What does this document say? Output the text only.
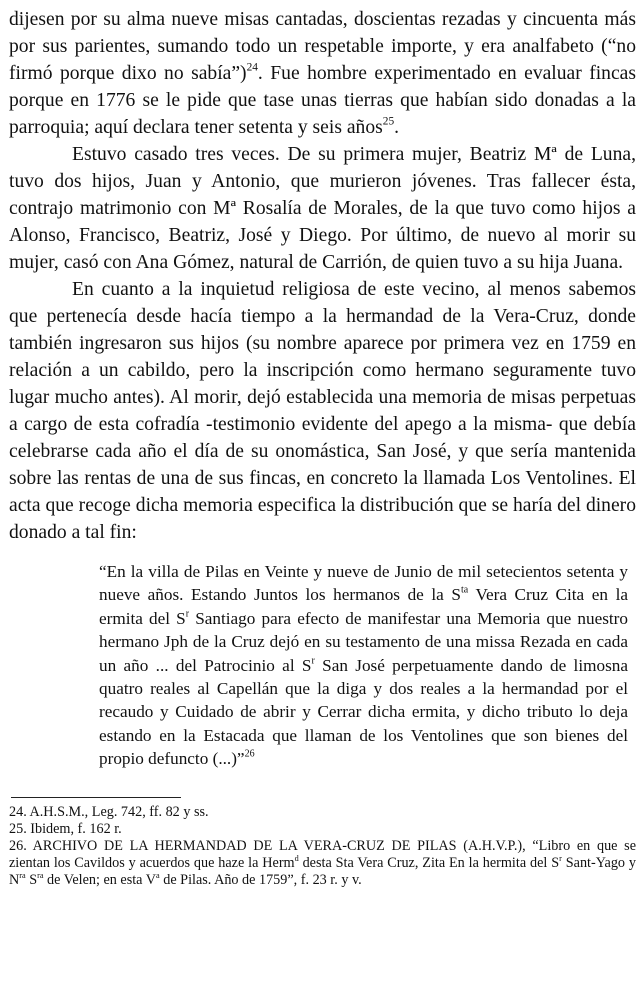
dijesen por su alma nueve misas cantadas, doscientas rezadas y cincuenta más por sus parientes, sumando todo un respetable importe, y era analfabeto (“no firmó porque dixo no sabía”)$^{24}$. Fue hombre experimentado en evaluar fincas porque en 1776 se le pide que tase unas tierras que habían sido donadas a la parroquia; aquí declara tener setenta y seis años$^{25}$.

Estuvo casado tres veces. De su primera mujer, Beatriz Mª de Luna, tuvo dos hijos, Juan y Antonio, que murieron jóvenes. Tras fallecer ésta, contrajo matrimonio con Mª Rosalía de Morales, de la que tuvo como hijos a Alonso, Francisco, Beatriz, José y Diego. Por último, de nuevo al morir su mujer, casó con Ana Gómez, natural de Carrión, de quien tuvo a su hija Juana.

En cuanto a la inquietud religiosa de este vecino, al menos sabemos que pertenecía desde hacía tiempo a la hermandad de la Vera-Cruz, donde también ingresaron sus hijos (su nombre aparece por primera vez en 1759 en relación a un cabildo, pero la inscripción como hermano seguramente tuvo lugar mucho antes). Al morir, dejó establecida una memoria de misas perpetuas a cargo de esta cofradía -testimonio evidente del apego a la misma- que debía celebrarse cada año el día de su onomástica, San José, y que sería mantenida sobre las rentas de una de sus fincas, en concreto la llamada Los Ventolines. El acta que recoge dicha memoria especifica la distribución que se haría del dinero donado a tal fin:

“En la villa de Pilas en Veinte y nueve de Junio de mil setecientos setenta y nueve años. Estando Juntos los hermanos de la $S^{ta}$ Vera Cruz Cita en la ermita del $S^r$ Santiago para efecto de manifestar una Memoria que nuestro hermano Jph de la Cruz dejó en su testamento de una missa Rezada en cada un año ... del Patrocinio al $S^r$ San José perpetuamente dando de limosna quatro reales al Capellán que la diga y dos reales a la hermandad por el recaudo y Cuidado de abrir y Cerrar dicha ermita, y dicho tributo lo deja estando en la Estacada que llaman de los Ventolines que son bienes del propio defuncto (...)”$^{26}$

24. A.H.S.M., Leg. 742, ff. 82 y ss.

25. Ibidem, f. 162 r.

26. ARCHIVO DE LA HERMANDAD DE LA VERA-CRUZ DE PILAS (A.H.V.P.), “Libro en que se zientan los Cavildos y acuerdos que haze la Herm$^d$ desta Sta Vera Cruz, Zita En la hermita del $S^r$ Sant-Yago y $N^{ra}$ $S^{ra}$ de Velen; en esta $V^a$ de Pilas. Año de 1759”, f. 23 r. y v.
